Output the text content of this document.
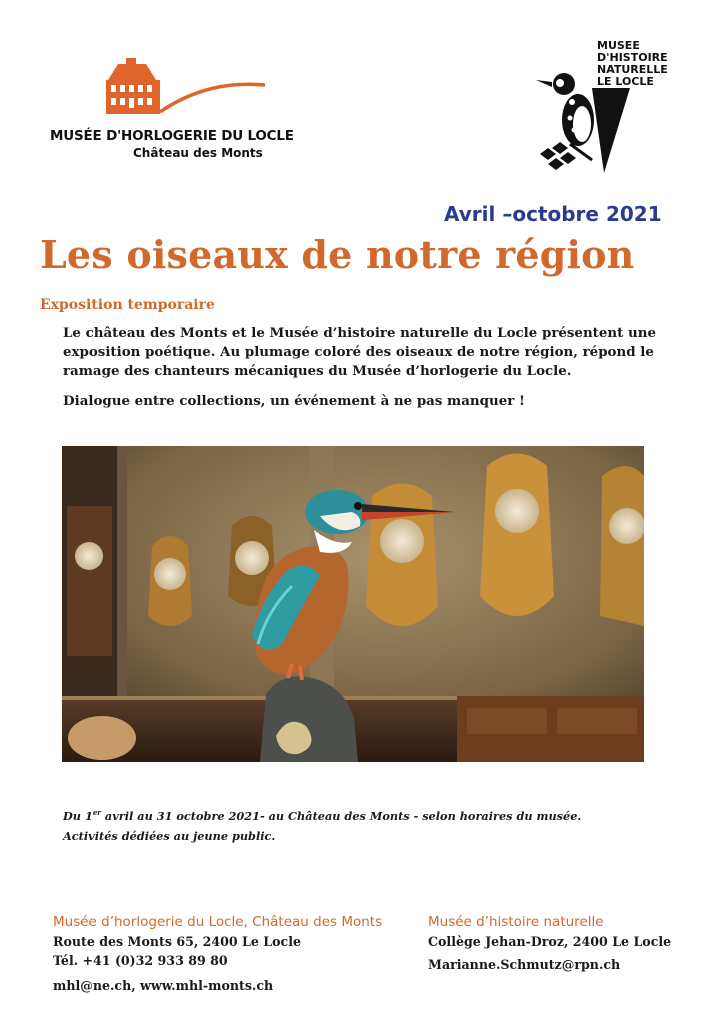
MUSÉE D'HORLOGERIE DU LOCLE
Château des Monts
MUSEE
D'HISTOIRE
NATURELLE
LE LOCLE
Avril –octobre 2021
Les oiseaux de notre région
Exposition temporaire

Le château des Monts et le Musée d’histoire naturelle du Locle présentent une exposition poétique. Au plumage coloré des oiseaux de notre région, répond le ramage des chanteurs mécaniques du Musée d’horlogerie du Locle.

Dialogue entre collections, un événement à ne pas manquer !

Du 1er avril au 31 octobre 2021- au Château des Monts - selon horaires du musée.
Activités dédiées au jeune public.
Musée d’horlogerie du Locle, Château des Monts
Route des Monts 65, 2400 Le Locle
Tél. +41 (0)32 933 89 80
mhl@ne.ch, www.mhl-monts.ch
Musée d’histoire naturelle
Collège Jehan-Droz, 2400 Le Locle
Marianne.Schmutz@rpn.ch
